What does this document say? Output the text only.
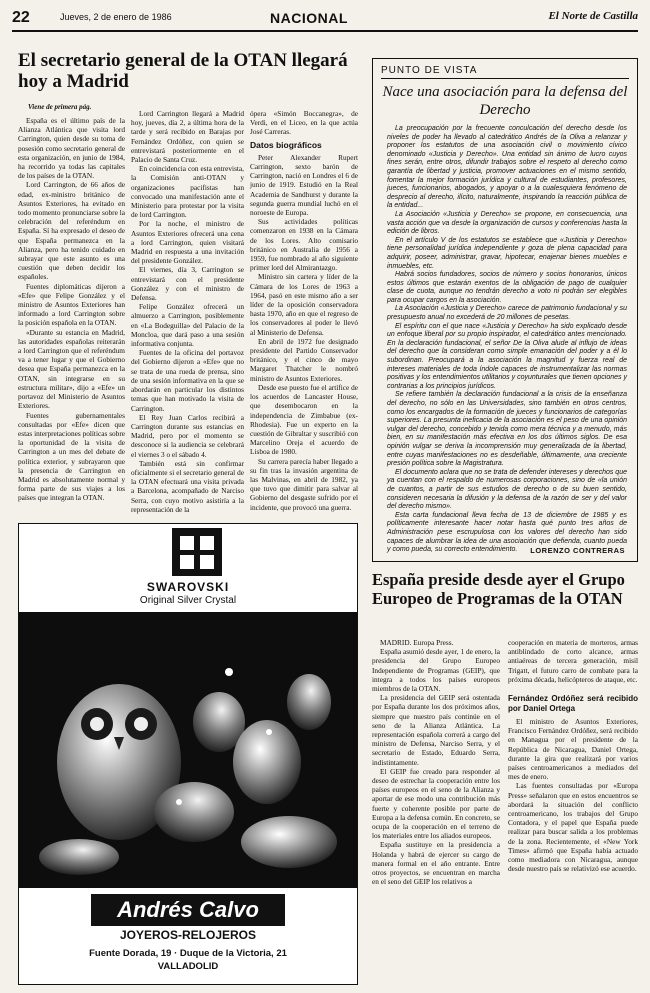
22	Jueves, 2 de enero de 1986	NACIONAL	El Norte de Castilla
El secretario general de la OTAN llegará hoy a Madrid
Viene de primera pág.

España es el último país de la Alianza Atlántica que visita lord Carrington, quien desde su toma de posesión como secretario general de esta organización, en junio de 1984, ha recorrido ya todas las capitales de los países de la OTAN.

Lord Carrington, de 66 años de edad, ex-ministro británico de Asuntos Exteriores, ha evitado en todo momento pronunciarse sobre la celebración del referéndum en España. Sí ha expresado el deseo de que España permanezca en la Alianza, pero ha tenido cuidado en subrayar que este asunto es una cuestión que deben decidir los españoles.

Fuentes diplomáticas dijeron a «Efe» que Felipe González y el ministro de Asuntos Exteriores han informado a lord Carrington sobre la posición española en la OTAN.

«Durante su estancia en Madrid, las autoridades españolas reiterarán a lord Carrington que el referéndum va a tener lugar y que el Gobierno desea que España permanezca en la OTAN, sin integrarse en su estructura militar», dijo a «Efe» un portavoz del Ministerio de Asuntos Exteriores.

Fuentes gubernamentales consultadas por «Efe» dicen que estas interpretaciones políticas sobre la oportunidad de la visita de Carrington a un mes del debate de política exterior, y subrayaron que la presencia de Carrington en Madrid es absolutamente normal y forma parte de sus viajes a los países que integran la OTAN.

Lord Carrington llegará a Madrid hoy, jueves, día 2, a última hora de la tarde y será recibido en Barajas por Fernández Ordóñez, con quien se entrevistará posteriormente en el Palacio de Santa Cruz.

En coincidencia con esta entrevista, la Comisión anti-OTAN y organizaciones pacifistas han convocado una manifestación ante el Ministerio para protestar por la visita de lord Carrington.

Por la noche, el ministro de Asuntos Exteriores ofrecerá una cena a lord Carrington, quien visitará Madrid en respuesta a una invitación del presidente González.

El viernes, día 3, Carrington se entrevistará con el presidente González y con el ministro de Defensa.

Felipe González ofrecerá un almuerzo a Carrington, posiblemente en «La Bodeguilla» del Palacio de la Moncloa, que dará paso a una sesión informativa conjunta.

Fuentes de la oficina del portavoz del Gobierno dijeron a «Efe» que no se trata de una rueda de prensa, sino de una sesión informativa en la que se abordarán en particular los distintos temas que han motivado la visita de Carrington.

El Rey Juan Carlos recibirá a Carrington durante sus estancias en Madrid, pero por el momento se desconoce si la audiencia se celebrará el viernes 3 o el sábado 4.

También está sin confirmar oficialmente si el secretario general de la OTAN efectuará una visita privada a Barcelona, acompañado de Narciso Serra, con cuyo motivo asistiría a la representación de la

ópera «Simón Boccanegra», de Verdi, en el Liceo, en la que actúa José Carreras.

Datos biográficos

Peter Alexander Rupert Carrington, sexto barón de Carrington, nació en Londres el 6 de junio de 1919. Estudió en la Real Academia de Sandhurst y durante la segunda guerra mundial luchó en el noroeste de Europa.

Sus actividades políticas comenzaron en 1938 en la Cámara de los Lores. Alto comisario británico en Australia de 1956 a 1959, fue nombrado al año siguiente primer lord del Almirantazgo.

Ministro sin cartera y líder de la Cámara de los Lores de 1963 a 1964, pasó en este mismo año a ser líder de la oposición conservadora hasta 1970, año en que el regreso de los conservadores al poder le llevó al Ministerio de Defensa.

En abril de 1972 fue designado presidente del Partido Conservador británico, y el cinco de mayo Margaret Thatcher le nombró ministro de Asuntos Exteriores.

Desde ese puesto fue el artífice de los acuerdos de Lancaster House, que desembocaron en la independencia de Zimbabue (ex-Rhodesia). Fue un experto en la cuestión de Gibraltar y suscribió con Marcelino Oreja el acuerdo de Lisboa de 1980.

Su carrera parecía haber llegado a su fin tras la invasión argentina de las Malvinas, en abril de 1982, ya que tuvo que dimitir para salvar al Gobierno del desgaste sufrido por el incidente, que provocó una guerra.

PUNTO DE VISTA
Nace una asociación para la defensa del Derecho

La preocupación por la frecuente conculcación del derecho desde los niveles de poder ha llevado al catedrático Andrés de la Oliva a relanzar y proponer los estatutos de una asociación civil o movimiento cívico denominado «Justicia y Derecho». Una entidad sin ánimo de lucro cuyos fines serán, entre otros, difundir trabajos sobre el respeto al derecho como garantía de libertad y justicia, promover actuaciones en el mismo sentido, fomentar la mejor formación jurídica y cultural de estudiantes, profesores, jueces, funcionarios, abogados, y apoyar o a la cualesquiera fenómeno de desprecio al derecho, ilícito, naturalmente, inspirando la reacción pública de la entidad...

La Asociación «Justicia y Derecho» se propone, en consecuencia, una vasta acción que va desde la organización de cursos y conferencias hasta la edición de libros.

En el artículo V de los estatutos se establece que «Justicia y Derecho» tiene personalidad jurídica independiente y goza de plena capacidad para adquirir, poseer, administrar, gravar, hipotecar, enajenar bienes muebles e inmuebles, etc.

Habrá socios fundadores, socios de número y socios honorarios, únicos estos últimos que estarán exentos de la obligación de pago de cualquier clase de cuota, aunque no tendrán derecho a voto ni podrán ser elegibles para ocupar cargos en la asociación.

La Asociación «Justicia y Derecho» carece de patrimonio fundacional y su presupuesto anual no excederá de 20 millones de pesetas.

El espíritu con el que nace «Justicia y Derecho» ha sido explicado desde un enfoque liberal por su propio inspirador, el catedrático antes mencionado. En la declaración fundacional, el señor De la Oliva alude al influjo de ideas del derecho que la consideran como simple emanación del poder y a él lo subordinan. Preocupará a la asociación la magnitud y fuerza real de intereses materiales de toda índole capaces de instrumentalizar las normas positivas y los entendimientos utilitarios y coyunturales que tienen opciones y contrarias a los principios jurídicos.

Se refiere también la declaración fundacional a la crisis de la enseñanza del derecho, no sólo en las Universidades, sino también en otros centros, como los encargados de la formación de jueces y funcionarios de categorías superiores. La presunta ineficacia de la asociación es el peso de una opinión vulgar del derecho, concebido y tenida como mera técnica y a menudo, más bien, en su manifestación más efectiva en los dos últimos siglos. De esa opinión vulgar se deriva la incomprensión muy generalizada de la libertad, entre cuyas manifestaciones no es desdeñable, últimamente, una creciente presión política sobre la Magistratura.

El documento aclara que no se trata de defender intereses y derechos que ya cuentan con el respaldo de numerosas corporaciones, sino de «la unión de cuantos, a partir de sus estudios de derecho o de su buen sentido, consideren necesaria la difusión y la defensa de la razón de ser y del valor del derecho mismo».

Esta carta fundacional lleva fecha de 13 de diciembre de 1985 y es políticamente interesante hacer notar hasta qué punto tres años de Administración pese escrupulosa con los valores del derecho han sido capaces de alumbrar la idea de una asociación que defienda, cuanto pueda y como pueda, su correcto entendimiento.	LORENZO CONTRERAS
SWAROVSKI
Original Silver Crystal
Andrés Calvo
JOYEROS-RELOJEROS
Fuente Dorada, 19 · Duque de la Victoria, 21
VALLADOLID
España preside desde ayer el Grupo Europeo de Programas de la OTAN

MADRID. Europa Press.

España asumió desde ayer, 1 de enero, la presidencia del Grupo Europeo Independiente de Programas (GEIP), que integra a todos los países europeos miembros de la OTAN.

La presidencia del GEIP será ostentada por España durante los dos próximos años, siempre que nuestro país continúe en el seno de la Alianza Atlántica. La representación española correrá a cargo del ministro de Defensa, Narciso Serra, y el secretario de Estado, Eduardo Serra, indistintamente.

El GEIP fue creado para responder al deseo de estrechar la cooperación entre los países europeos en el seno de la Alianza y aportar de ese modo una contribución más fuerte y coherente posible por parte de Europa a la defensa común. En concreto, se ocupa de la cooperación en el terreno de los materiales entre los aliados europeos.

España sustituye en la presidencia a Holanda y habrá de ejercer su cargo de manera formal en el año entrante. Entre otros proyectos, se encuentran en marcha en el seno del GEIP los relativos a

cooperación en materia de morteros, armas antiblindado de corto alcance, armas antiaéreas de tercera generación, misil Trigatt, el futuro carro de combate para la próxima década, helicópteros de ataque, etc.

Fernández Ordóñez será recibido por Daniel Ortega

El ministro de Asuntos Exteriores, Francisco Fernández Ordóñez, será recibido en Managua por el presidente de la República de Nicaragua, Daniel Ortega, durante la gira que realizará por varios países centroamericanos a mediados del mes de enero.

Las fuentes consultadas por «Europa Press» señalaron que en estos encuentros se abordará la situación del conflicto centroamericano, los trabajos del Grupo Contadora, y el papel que España puede realizar para buscar salida a los problemas de la zona. Recientemente, el «New York Times» afirmó que España había actuado como mediadora con Nicaragua, aunque desde nuestro país se relativizó ese acuerdo.
